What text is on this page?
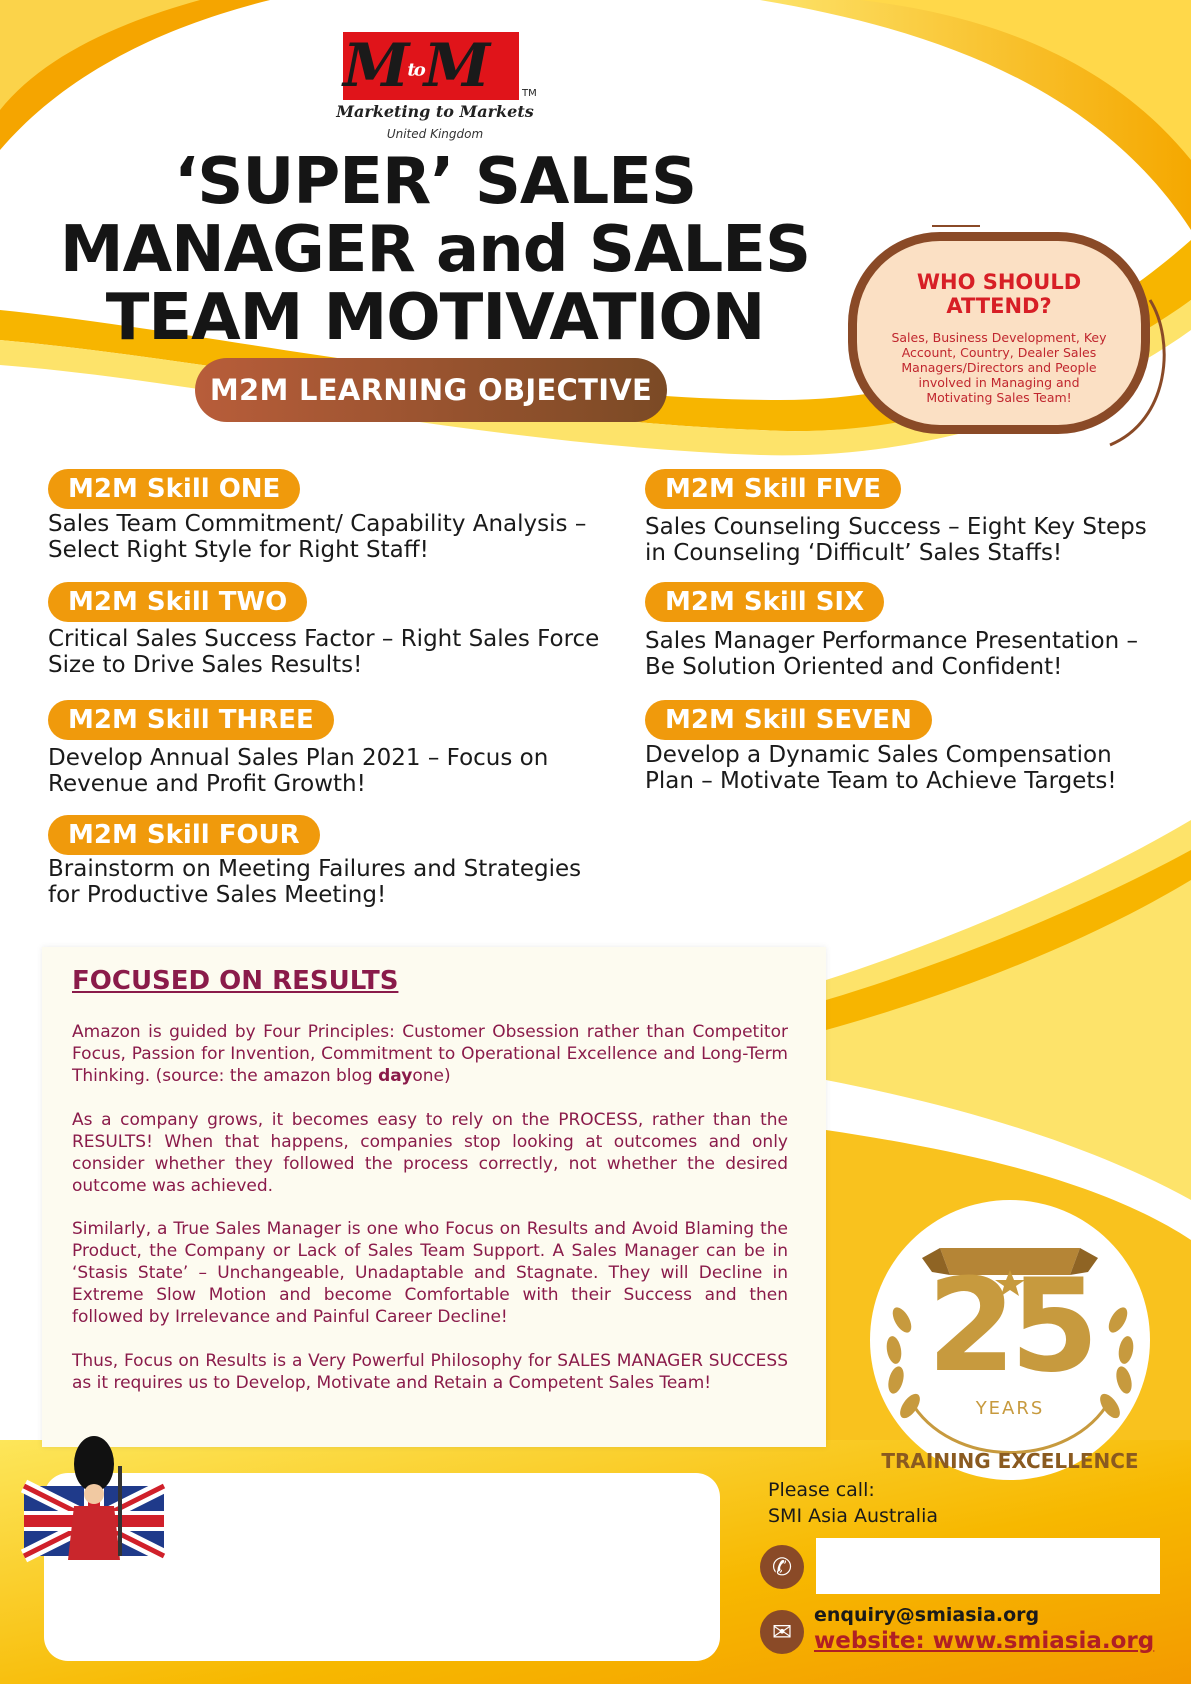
MtoM	TM
Marketing to Markets
United Kingdom
‘SUPER’ SALES
MANAGER and SALES
TEAM MOTIVATION
M2M LEARNING OBJECTIVE
WHO SHOULD
ATTEND?
Sales, Business Development, Key Account, Country, Dealer Sales Managers/Directors and People involved in Managing and Motivating Sales Team!
M2M Skill ONE
Sales Team Commitment/ Capability Analysis –
Select Right Style for Right Staff!
M2M Skill TWO
Critical Sales Success Factor – Right Sales Force
Size to Drive Sales Results!
M2M Skill THREE
Develop Annual Sales Plan 2021 – Focus on
Revenue and Profit Growth!
M2M Skill FOUR
Brainstorm on Meeting Failures and Strategies
for Productive Sales Meeting!
M2M Skill FIVE
Sales Counseling Success – Eight Key Steps
in Counseling ‘Difficult’ Sales Staffs!
M2M Skill SIX
Sales Manager Performance Presentation –
Be Solution Oriented and Confident!
M2M Skill SEVEN
Develop a Dynamic Sales Compensation
Plan – Motivate Team to Achieve Targets!
FOCUSED ON RESULTS
Amazon is guided by Four Principles: Customer Obsession rather than Competitor Focus, Passion for Invention, Commitment to Operational Excellence and Long-Term Thinking. (source: the amazon blog dayone)
As a company grows, it becomes easy to rely on the PROCESS, rather than the RESULTS! When that happens, companies stop looking at outcomes and only consider whether they followed the process correctly, not whether the desired outcome was achieved.
Similarly, a True Sales Manager is one who Focus on Results and Avoid Blaming the Product, the Company or Lack of Sales Team Support. A Sales Manager can be in ‘Stasis State’ – Unchangeable, Unadaptable and Stagnate. They will Decline in Extreme Slow Motion and become Comfortable with their Success and then followed by Irrelevance and Painful Career Decline!
Thus, Focus on Results is a Very Powerful Philosophy for SALES MANAGER SUCCESS as it requires us to Develop, Motivate and Retain a Competent Sales Team!
TRAINING EXCELLENCE
1995-2020
25
YEARS
Please call:
SMI Asia Australia
✆
✉
enquiry@smiasia.org
website: www.smiasia.org
